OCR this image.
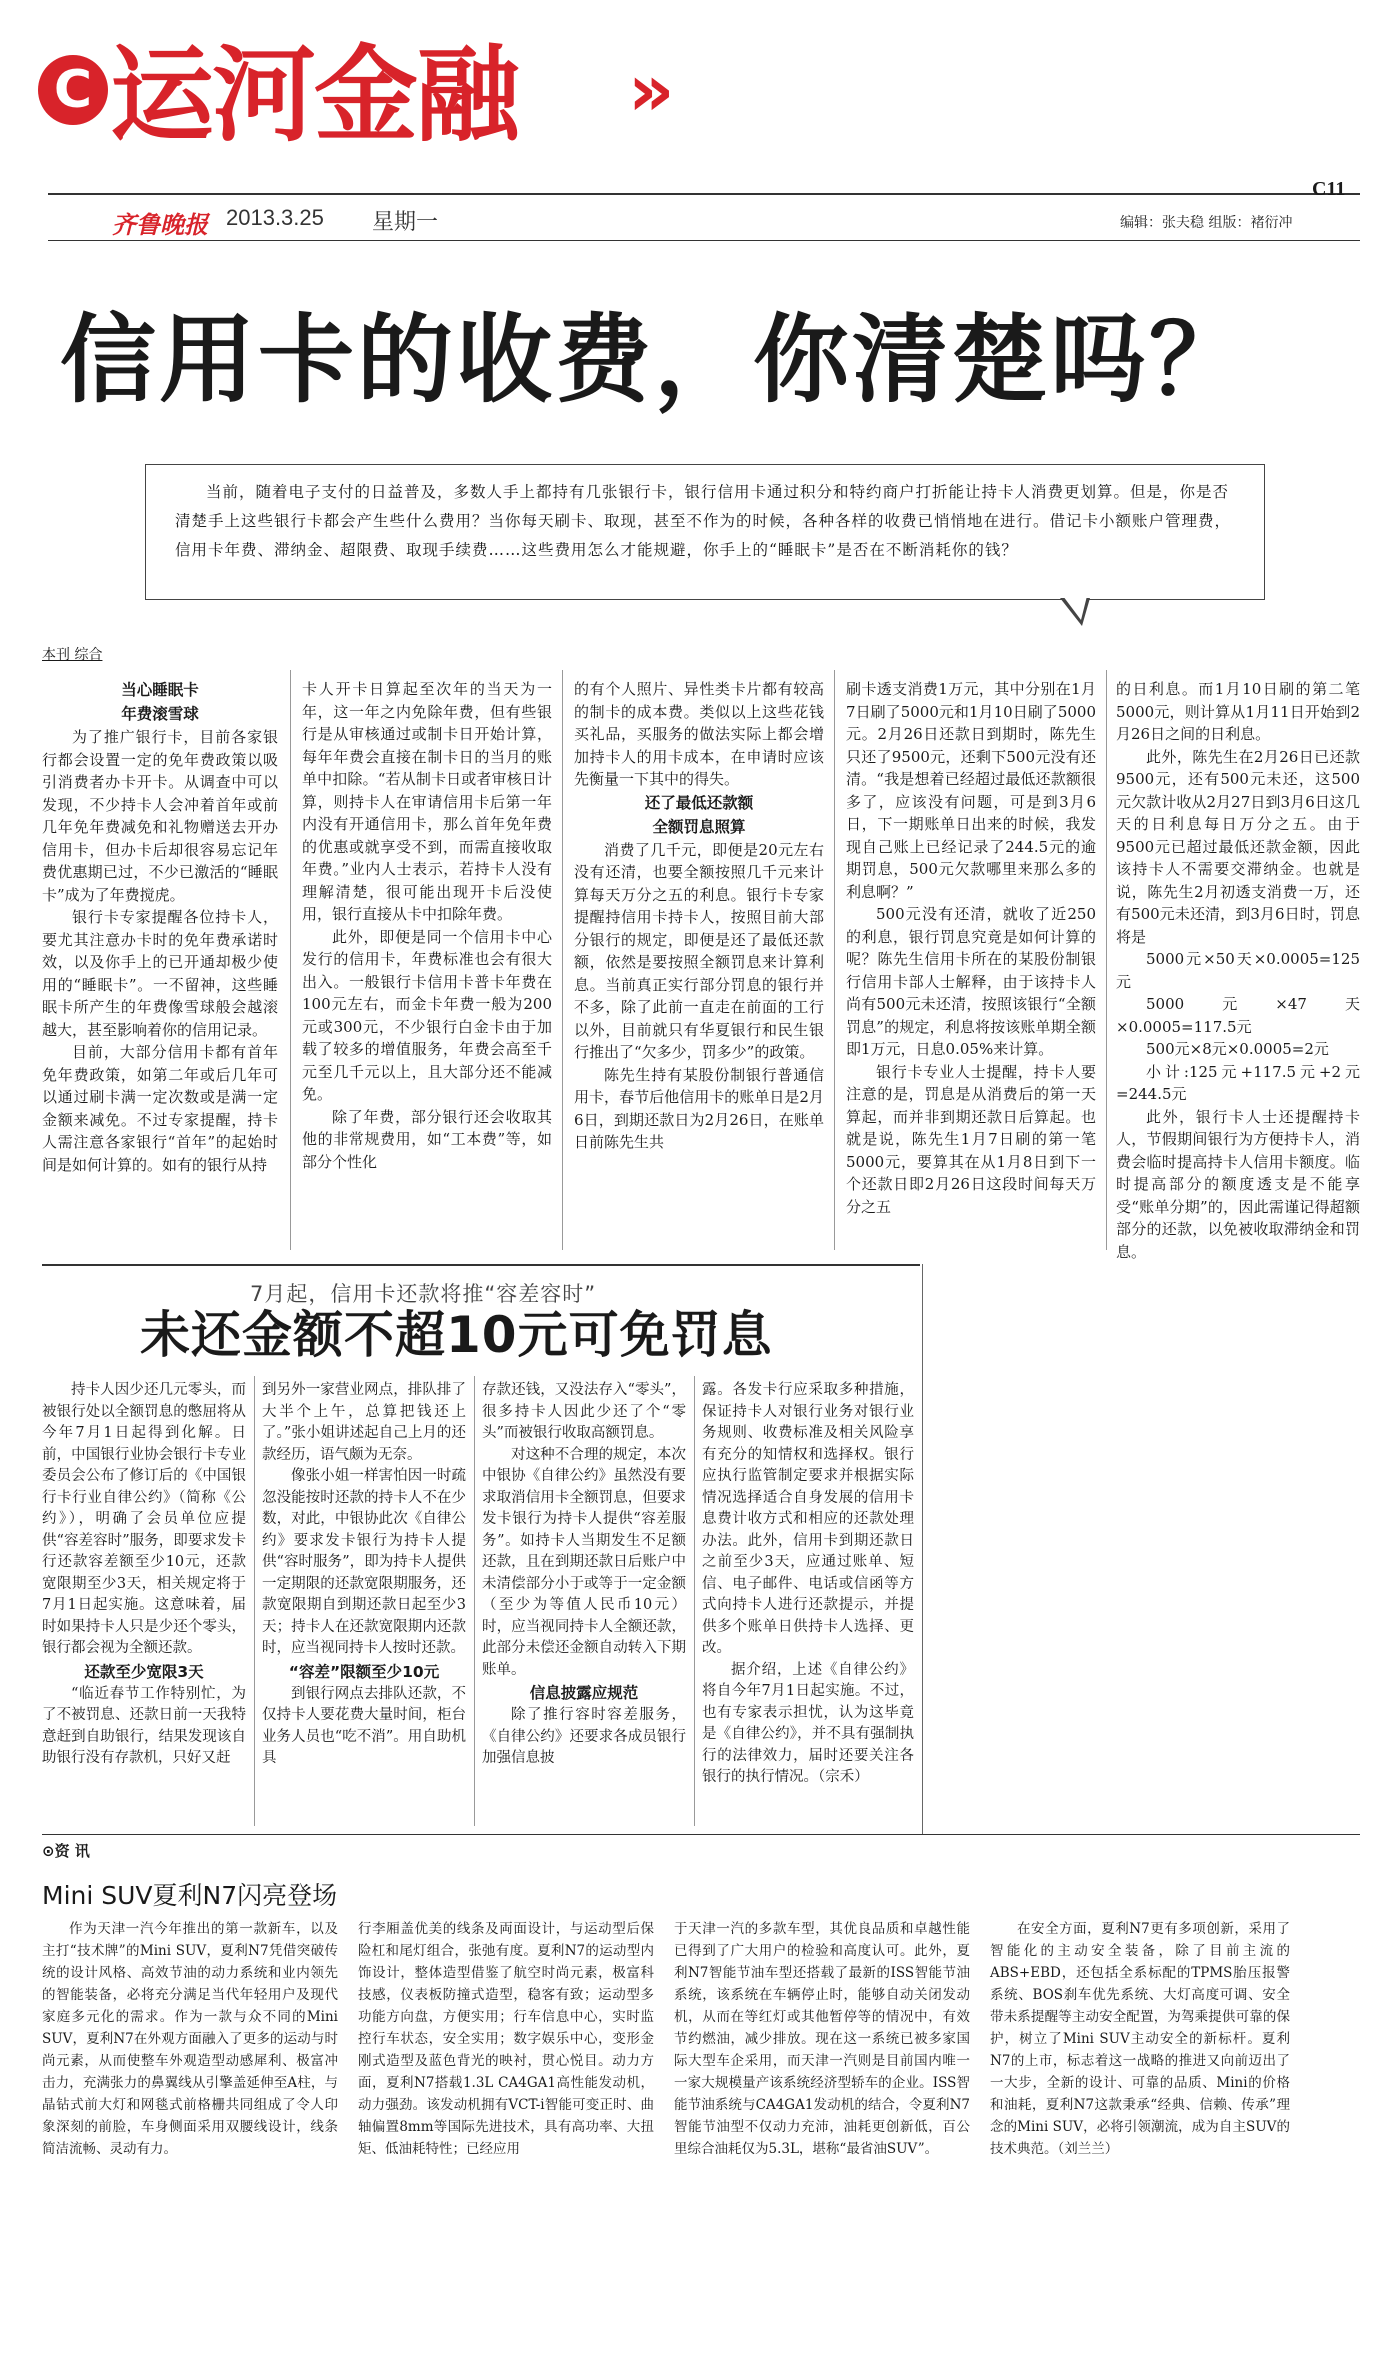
C 运河金融 »
C11
齐鲁晚报 2013.3.25 星期一	编辑：张夫稳 组版：褚衍冲
信用卡的收费，你清楚吗？
当前，随着电子支付的日益普及，多数人手上都持有几张银行卡，银行信用卡通过积分和特约商户打折能让持卡人消费更划算。但是，你是否清楚手上这些银行卡都会产生些什么费用？当你每天刷卡、取现，甚至不作为的时候，各种各样的收费已悄悄地在进行。借记卡小额账户管理费，信用卡年费、滞纳金、超限费、取现手续费……这些费用怎么才能规避，你手上的“睡眠卡”是否在不断消耗你的钱？
本刊 综合
当心睡眠卡
年费滚雪球

为了推广银行卡，目前各家银行都会设置一定的免年费政策以吸引消费者办卡开卡。从调查中可以发现，不少持卡人会冲着首年或前几年免年费减免和礼物赠送去开办信用卡，但办卡后却很容易忘记年费优惠期已过，不少已激活的“睡眠卡”成为了年费搅虎。

银行卡专家提醒各位持卡人，要尤其注意办卡时的免年费承诺时效，以及你手上的已开通却极少使用的“睡眠卡”。一不留神，这些睡眠卡所产生的年费像雪球般会越滚越大，甚至影响着你的信用记录。

目前，大部分信用卡都有首年免年费政策，如第二年或后几年可以通过刷卡满一定次数或是满一定金额来减免。不过专家提醒，持卡人需注意各家银行“首年”的起始时间是如何计算的。如有的银行从持

卡人开卡日算起至次年的当天为一年，这一年之内免除年费，但有些银行是从审核通过或制卡日开始计算，每年年费会直接在制卡日的当月的账单中扣除。“若从制卡日或者审核日计算，则持卡人在审请信用卡后第一年内没有开通信用卡，那么首年免年费的优惠或就享受不到，而需直接收取年费。”业内人士表示，若持卡人没有理解清楚，很可能出现开卡后没使用，银行直接从卡中扣除年费。

此外，即便是同一个信用卡中心发行的信用卡，年费标准也会有很大出入。一般银行卡信用卡普卡年费在100元左右，而金卡年费一般为200元或300元，不少银行白金卡由于加载了较多的增值服务，年费会高至千元至几千元以上，且大部分还不能减免。

除了年费，部分银行还会收取其他的非常规费用，如“工本费”等，如部分个性化

的有个人照片、异性类卡片都有较高的制卡的成本费。类似以上这些花钱买礼品，买服务的做法实际上都会增加持卡人的用卡成本，在申请时应该先衡量一下其中的得失。

还了最低还款额
全额罚息照算

消费了几千元，即便是20元左右没有还清，也要全额按照几千元来计算每天万分之五的利息。银行卡专家提醒持信用卡持卡人，按照目前大部分银行的规定，即便是还了最低还款额，依然是要按照全额罚息来计算利息。当前真正实行部分罚息的银行并不多，除了此前一直走在前面的工行以外，目前就只有华夏银行和民生银行推出了“欠多少，罚多少”的政策。

陈先生持有某股份制银行普通信用卡，春节后他信用卡的账单日是2月6日，到期还款日为2月26日，在账单日前陈先生共

刷卡透支消费1万元，其中分别在1月7日刷了5000元和1月10日刷了5000元。2月26日还款日到期时，陈先生只还了9500元，还剩下500元没有还清。“我是想着已经超过最低还款额很多了，应该没有问题，可是到3月6日，下一期账单日出来的时候，我发现自己账上已经记录了244.5元的逾期罚息，500元欠款哪里来那么多的利息啊？”

500元没有还清，就收了近250的利息，银行罚息究竟是如何计算的呢？陈先生信用卡所在的某股份制银行信用卡部人士解释，由于该持卡人尚有500元未还清，按照该银行“全额罚息”的规定，利息将按该账单期全额即1万元，日息0.05%来计算。

银行卡专业人士提醒，持卡人要注意的是，罚息是从消费后的第一天算起，而并非到期还款日后算起。也就是说，陈先生1月7日刷的第一笔5000元，要算其在从1月8日到下一个还款日即2月26日这段时间每天万分之五

的日利息。而1月10日刷的第二笔5000元，则计算从1月11日开始到2月26日之间的日利息。

此外，陈先生在2月26日已还款9500元，还有500元未还，这500元欠款计收从2月27日到3月6日这几天的日利息每日万分之五。由于9500元已超过最低还款金额，因此该持卡人不需要交滞纳金。也就是说，陈先生2月初透支消费一万，还有500元未还清，到3月6日时，罚息将是

5000元×50天×0.0005=125元

5000元×47天×0.0005=117.5元

500元×8元×0.0005=2元

小计:125元+117.5元+2元=244.5元

此外，银行卡人士还提醒持卡人，节假期间银行为方便持卡人，消费会临时提高持卡人信用卡额度。临时提高部分的额度透支是不能享受“账单分期”的，因此需谨记得超额部分的还款，以免被收取滞纳金和罚息。

7月起，信用卡还款将推“容差容时”
未还金额不超10元可免罚息

持卡人因少还几元零头，而被银行处以全额罚息的憋屈将从今年7月1日起得到化解。日前，中国银行业协会银行卡专业委员会公布了修订后的《中国银行卡行业自律公约》（简称《公约》），明确了会员单位应提供“容差容时”服务，即要求发卡行还款容差额至少10元，还款宽限期至少3天，相关规定将于7月1日起实施。这意味着，届时如果持卡人只是少还个零头，银行都会视为全额还款。

还款至少宽限3天

“临近春节工作特别忙，为了不被罚息、还款日前一天我特意赶到自助银行，结果发现该自助银行没有存款机，只好又赶

到另外一家营业网点，排队排了大半个上午，总算把钱还上了。”张小姐讲述起自己上月的还款经历，语气颇为无奈。

像张小姐一样害怕因一时疏忽没能按时还款的持卡人不在少数，对此，中银协此次《自律公约》要求发卡银行为持卡人提供“容时服务”，即为持卡人提供一定期限的还款宽限期服务，还款宽限期自到期还款日起至少3天；持卡人在还款宽限期内还款时，应当视同持卡人按时还款。

“容差”限额至少10元

到银行网点去排队还款，不仅持卡人要花费大量时间，柜台业务人员也“吃不消”。用自助机具

存款还钱，又没法存入“零头”，很多持卡人因此少还了个“零头”而被银行收取高额罚息。

对这种不合理的规定，本次中银协《自律公约》虽然没有要求取消信用卡全额罚息，但要求发卡银行为持卡人提供“容差服务”。如持卡人当期发生不足额还款，且在到期还款日后账户中未清偿部分小于或等于一定金额（至少为等值人民币10元）时，应当视同持卡人全额还款，此部分未偿还金额自动转入下期账单。

信息披露应规范

除了推行容时容差服务，《自律公约》还要求各成员银行加强信息披

露。各发卡行应采取多种措施，保证持卡人对银行业务对银行业务规则、收费标准及相关风险享有充分的知情权和选择权。银行应执行监管制定要求并根据实际情况选择适合自身发展的信用卡息费计收方式和相应的还款处理办法。此外，信用卡到期还款日之前至少3天，应通过账单、短信、电子邮件、电话或信函等方式向持卡人进行还款提示，并提供多个账单日供持卡人选择、更改。

据介绍，上述《自律公约》将自今年7月1日起实施。不过，也有专家表示担忧，认为这毕竟是《自律公约》，并不具有强制执行的法律效力，届时还要关注各银行的执行情况。（宗禾）

⊙资 讯
Mini SUV夏利N7闪亮登场

作为天津一汽今年推出的第一款新车，以及主打“技术牌”的Mini SUV，夏利N7凭借突破传统的设计风格、高效节油的动力系统和业内领先的智能装备，必将充分满足当代年轻用户及现代家庭多元化的需求。作为一款与众不同的Mini SUV，夏利N7在外观方面融入了更多的运动与时尚元素，从而使整车外观造型动感犀利、极富冲击力，充满张力的鼻翼线从引擎盖延伸至A柱，与晶钻式前大灯和网毯式前格栅共同组成了令人印象深刻的前脸，车身侧面采用双腰线设计，线条简洁流畅、灵动有力。

行李厢盖优美的线条及両面设计，与运动型后保险杠和尾灯组合，张弛有度。夏利N7的运动型内饰设计，整体造型借鉴了航空时尚元素，极富科技感，仪表板防撞式造型，稳客有致；运动型多功能方向盘，方便实用；行车信息中心，实时监控行车状态，安全实用；数字娱乐中心，变形金刚式造型及蓝色背光的映衬，贯心悦目。动力方面，夏利N7搭载1.3L CA4GA1高性能发动机，动力强劲。该发动机拥有VCT-i智能可变正时、曲轴偏置8mm等国际先进技术，具有高功率、大扭矩、低油耗特性；已经应用

于天津一汽的多款车型，其优良品质和卓越性能已得到了广大用户的检验和高度认可。此外，夏利N7智能节油车型还搭载了最新的ISS智能节油系统，该系统在车辆停止时，能够自动关闭发动机，从而在等红灯或其他暂停等的情况中，有效节约燃油，减少排放。现在这一系统已被多家国际大型车企采用，而天津一汽则是目前国内唯一一家大规模量产该系统经济型轿车的企业。ISS智能节油系统与CA4GA1发动机的结合，令夏利N7智能节油型不仅动力充沛，油耗更创新低，百公里综合油耗仅为5.3L，堪称“最省油SUV”。

在安全方面，夏利N7更有多项创新，采用了智能化的主动安全装备，除了目前主流的ABS+EBD，还包括全系标配的TPMS胎压报警系统、BOS刹车优先系统、大灯高度可调、安全带未系提醒等主动安全配置，为驾乘提供可靠的保护，树立了Mini SUV主动安全的新标杆。夏利N7的上市，标志着这一战略的推进又向前迈出了一大步，全新的设计、可靠的品质、Mini的价格和油耗，夏利N7这款秉承“经典、信赖、传承”理念的Mini SUV，必将引领潮流，成为自主SUV的技术典范。（刘兰兰）
